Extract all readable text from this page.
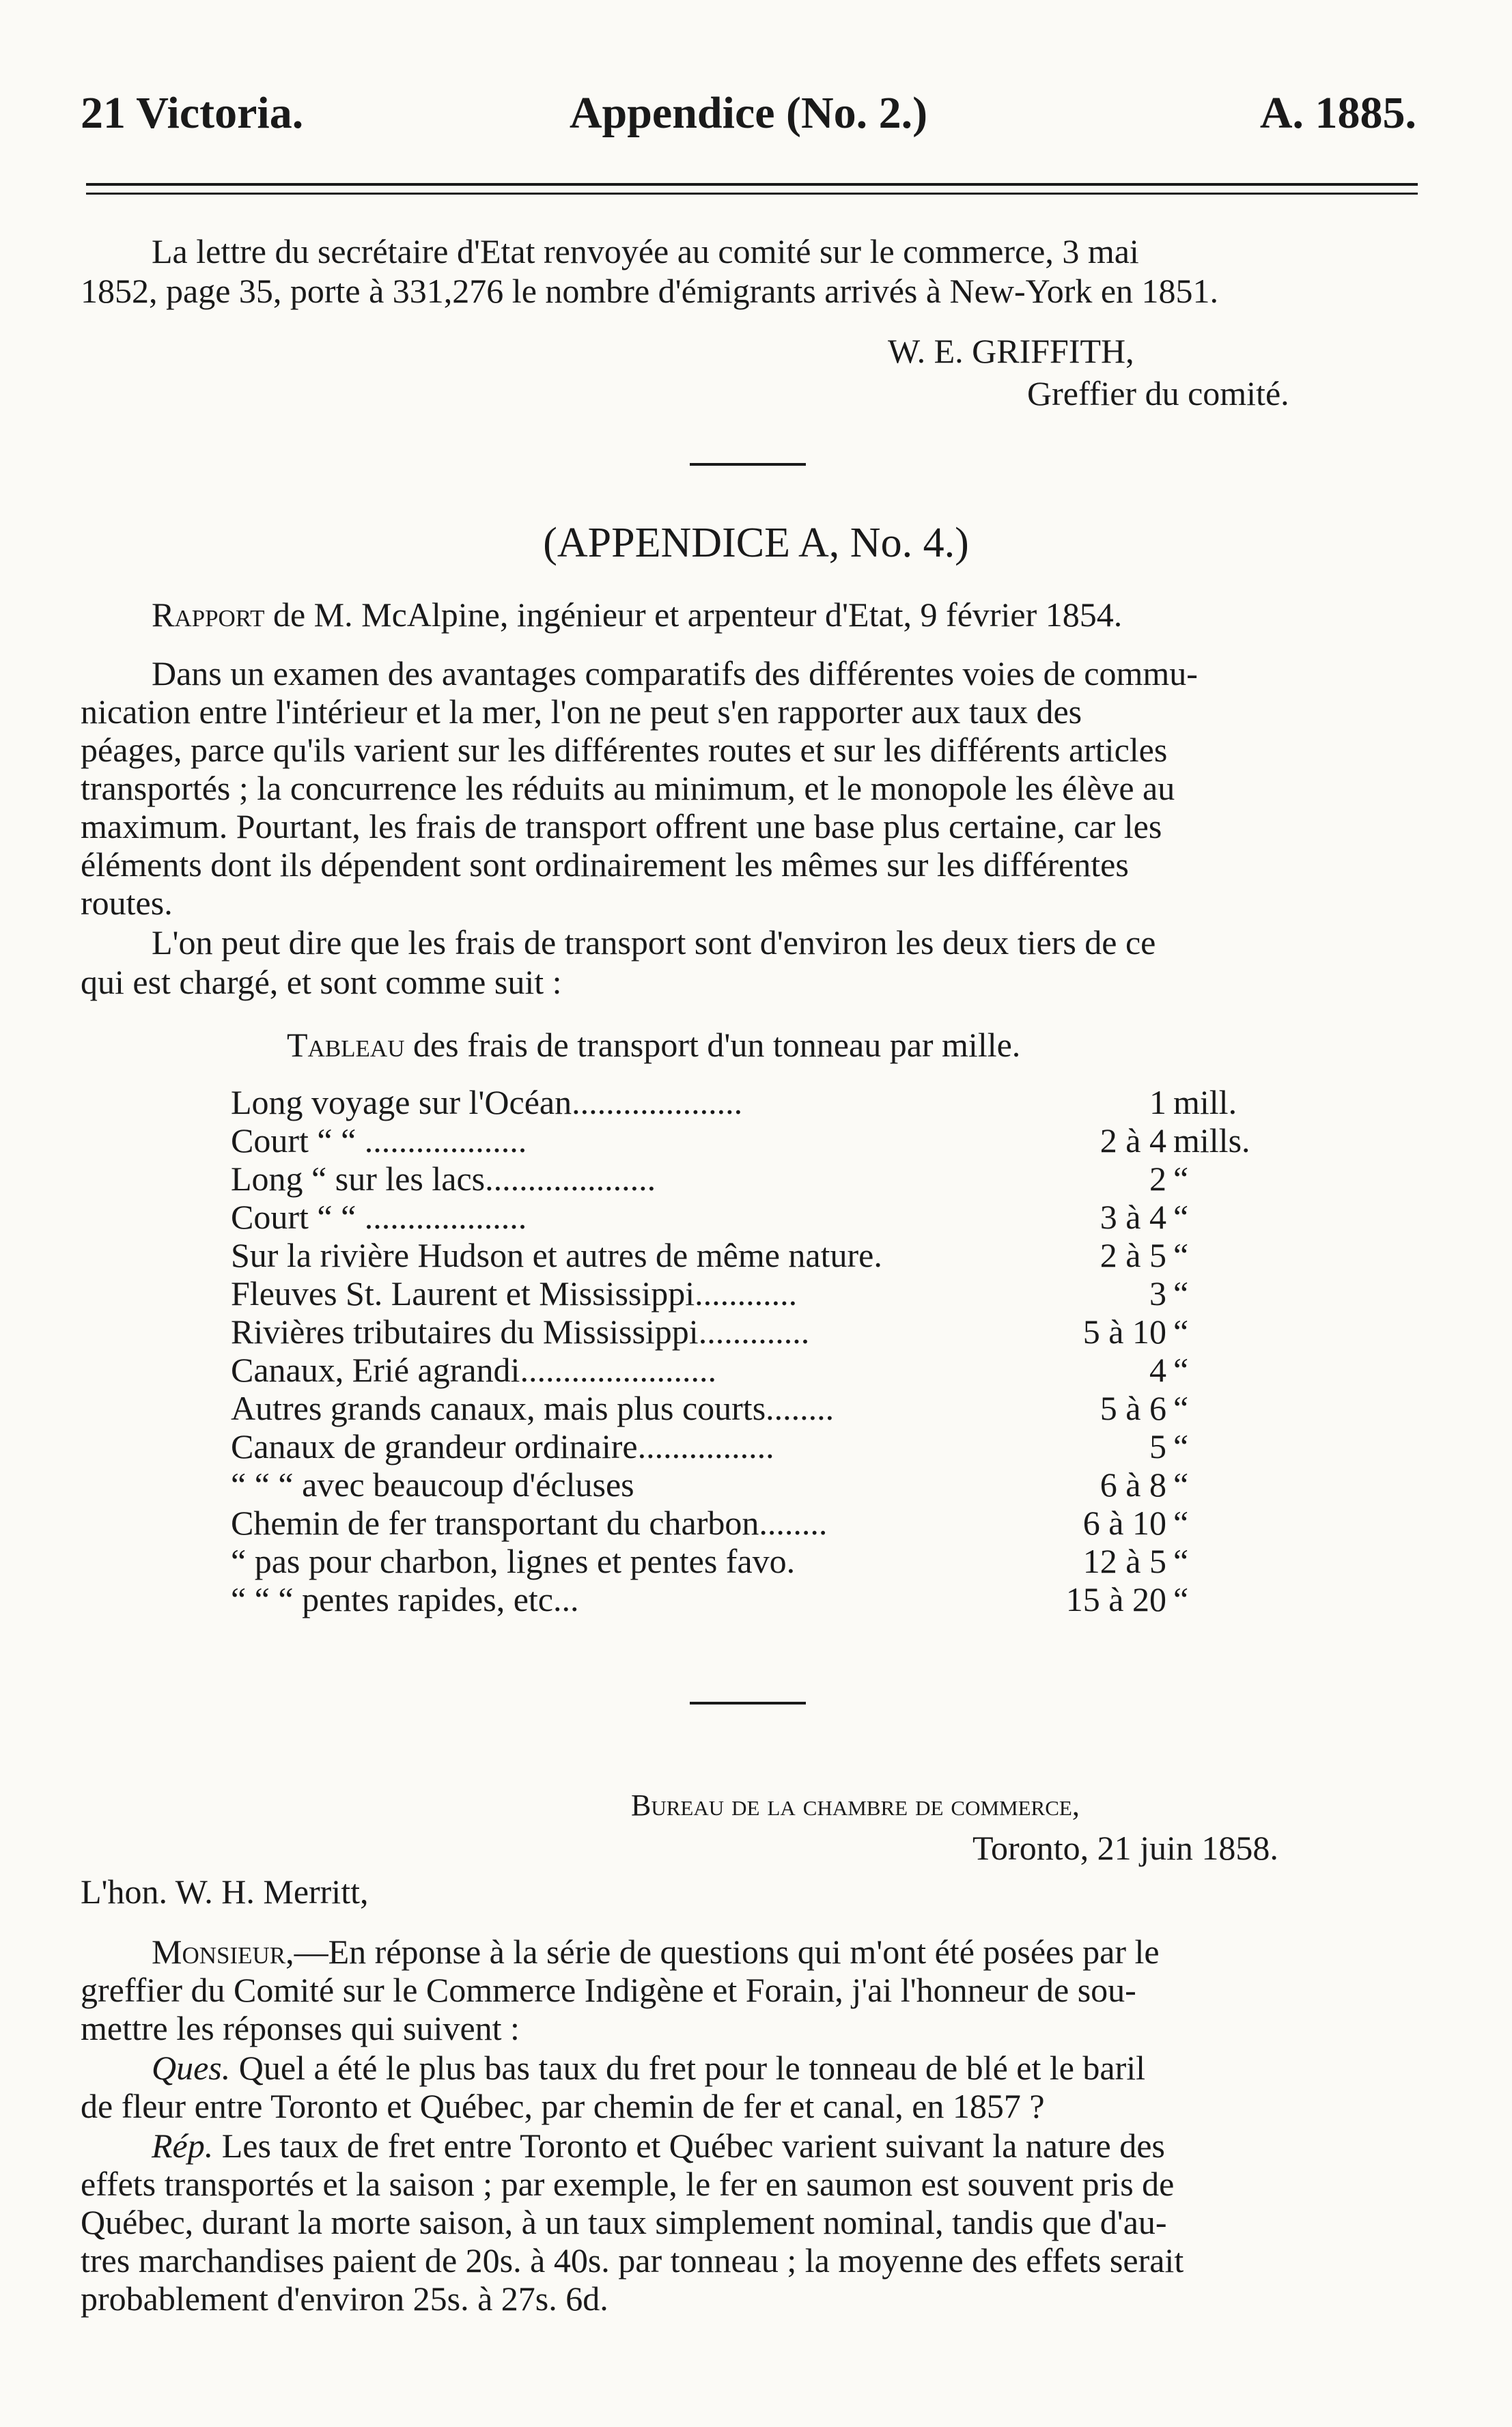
21 Victoria.	Appendice (No. 2.)	A. 1885.
La lettre du secrétaire d'Etat renvoyée au comité sur le commerce, 3 mai
1852, page 35, porte à 331,276 le nombre d'émigrants arrivés à New-York en 1851.
W. E. GRIFFITH,
Greffier du comité.
(APPENDICE A, No. 4.)
Rapport de M. McAlpine, ingénieur et arpenteur d'Etat, 9 février 1854.
Dans un examen des avantages comparatifs des différentes voies de commu-
nication entre l'intérieur et la mer, l'on ne peut s'en rapporter aux taux des
péages, parce qu'ils varient sur les différentes routes et sur les différents articles
transportés ; la concurrence les réduits au minimum, et le monopole les élève au
maximum. Pourtant, les frais de transport offrent une base plus certaine, car les
éléments dont ils dépendent sont ordinairement les mêmes sur les différentes
routes.
L'on peut dire que les frais de transport sont d'environ les deux tiers de ce
qui est chargé, et sont comme suit :
Tableau des frais de transport d'un tonneau par mille.
Long voyage sur l'Océan....................	1 mill.
Court “ “ ...................	2 à 4 mills.
Long “ sur les lacs....................	2 “
Court “ “ ...................	3 à 4 “
Sur la rivière Hudson et autres de même nature.	2 à 5 “
Fleuves St. Laurent et Mississippi............	3 “
Rivières tributaires du Mississippi.............	5 à 10 “
Canaux, Erié agrandi.......................	4 “
Autres grands canaux, mais plus courts........	5 à 6 “
Canaux de grandeur ordinaire................	5 “
“ “ “ avec beaucoup d'écluses	6 à 8 “
Chemin de fer transportant du charbon........	6 à 10 “
“ pas pour charbon, lignes et pentes favo.	12 à 5 “
“ “ “ pentes rapides, etc...	15 à 20 “
Bureau de la chambre de commerce,
Toronto, 21 juin 1858.
L'hon. W. H. Merritt,
Monsieur,—En réponse à la série de questions qui m'ont été posées par le
greffier du Comité sur le Commerce Indigène et Forain, j'ai l'honneur de sou-
mettre les réponses qui suivent :
Ques. Quel a été le plus bas taux du fret pour le tonneau de blé et le baril
de fleur entre Toronto et Québec, par chemin de fer et canal, en 1857 ?
Rép. Les taux de fret entre Toronto et Québec varient suivant la nature des
effets transportés et la saison ; par exemple, le fer en saumon est souvent pris de
Québec, durant la morte saison, à un taux simplement nominal, tandis que d'au-
tres marchandises paient de 20s. à 40s. par tonneau ; la moyenne des effets serait
probablement d'environ 25s. à 27s. 6d.
